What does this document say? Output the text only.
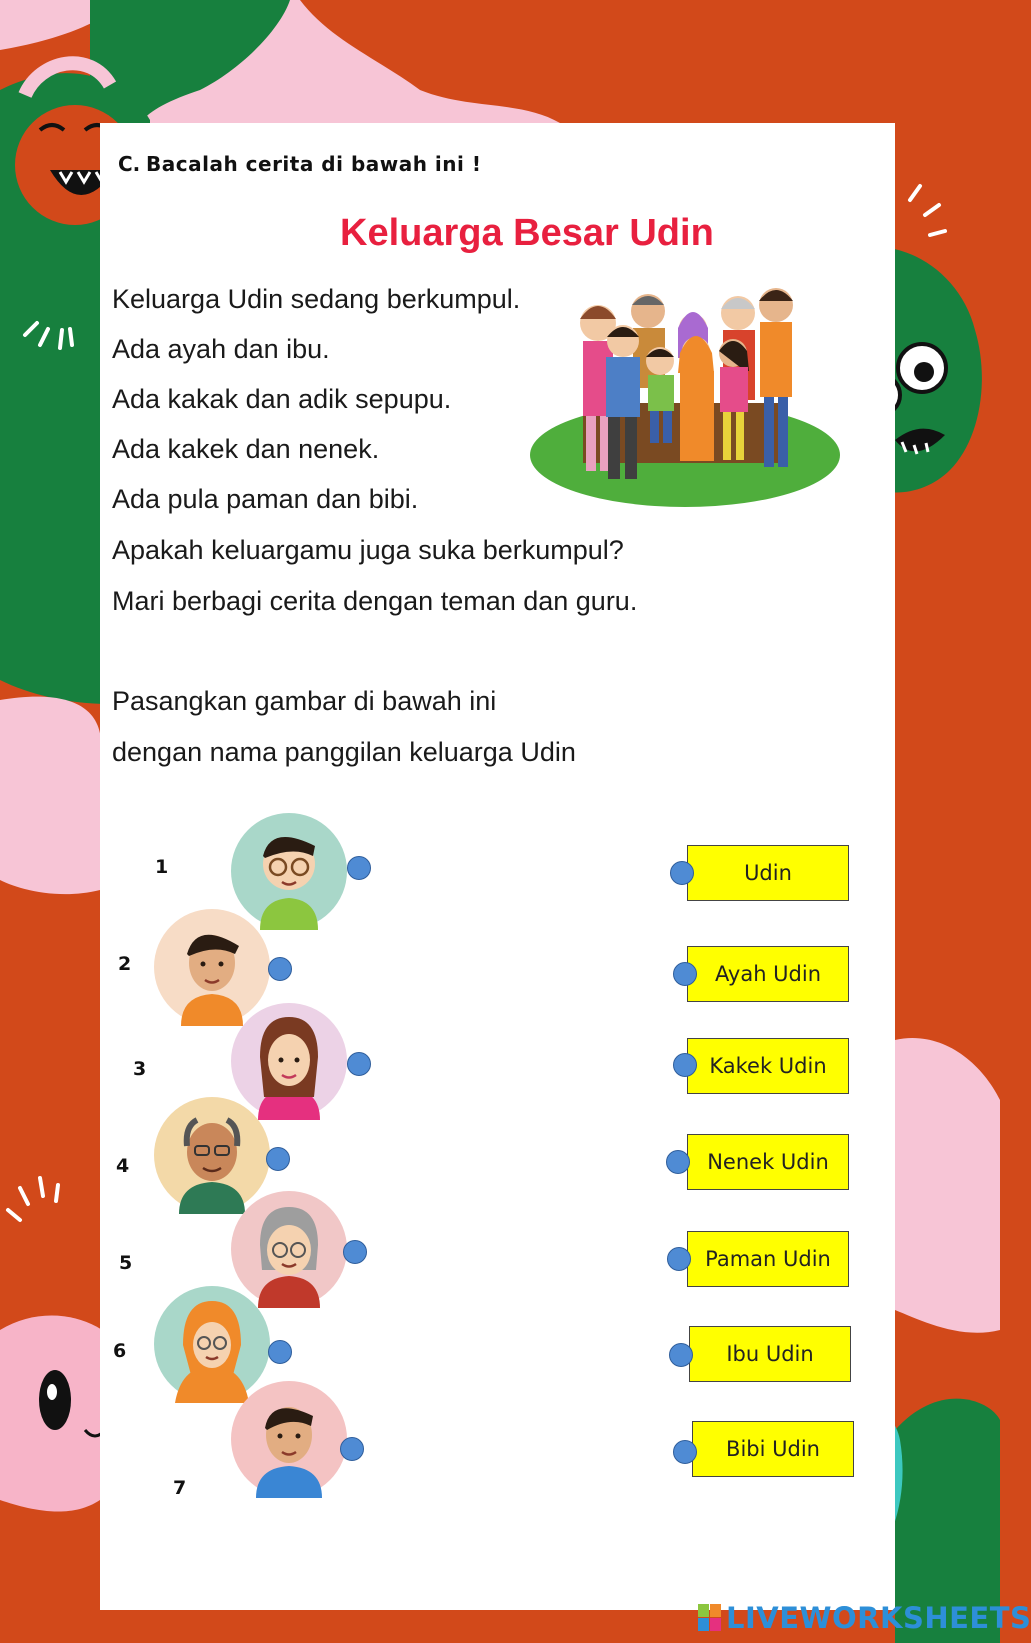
C. Bacalah cerita di bawah ini !
Keluarga Besar Udin
Keluarga Udin sedang berkumpul.
Ada ayah dan ibu.
Ada kakak dan adik sepupu.
Ada kakek dan nenek.
Ada pula paman dan bibi.
Apakah keluargamu juga suka berkumpul?
Mari berbagi cerita dengan teman dan guru.
Pasangkan gambar di bawah ini
dengan nama panggilan keluarga Udin
1
2
3
4
5
6
7
Udin
Ayah Udin
Kakek Udin
Nenek Udin
Paman Udin
Ibu Udin
Bibi Udin
LIVEWORKSHEETS
